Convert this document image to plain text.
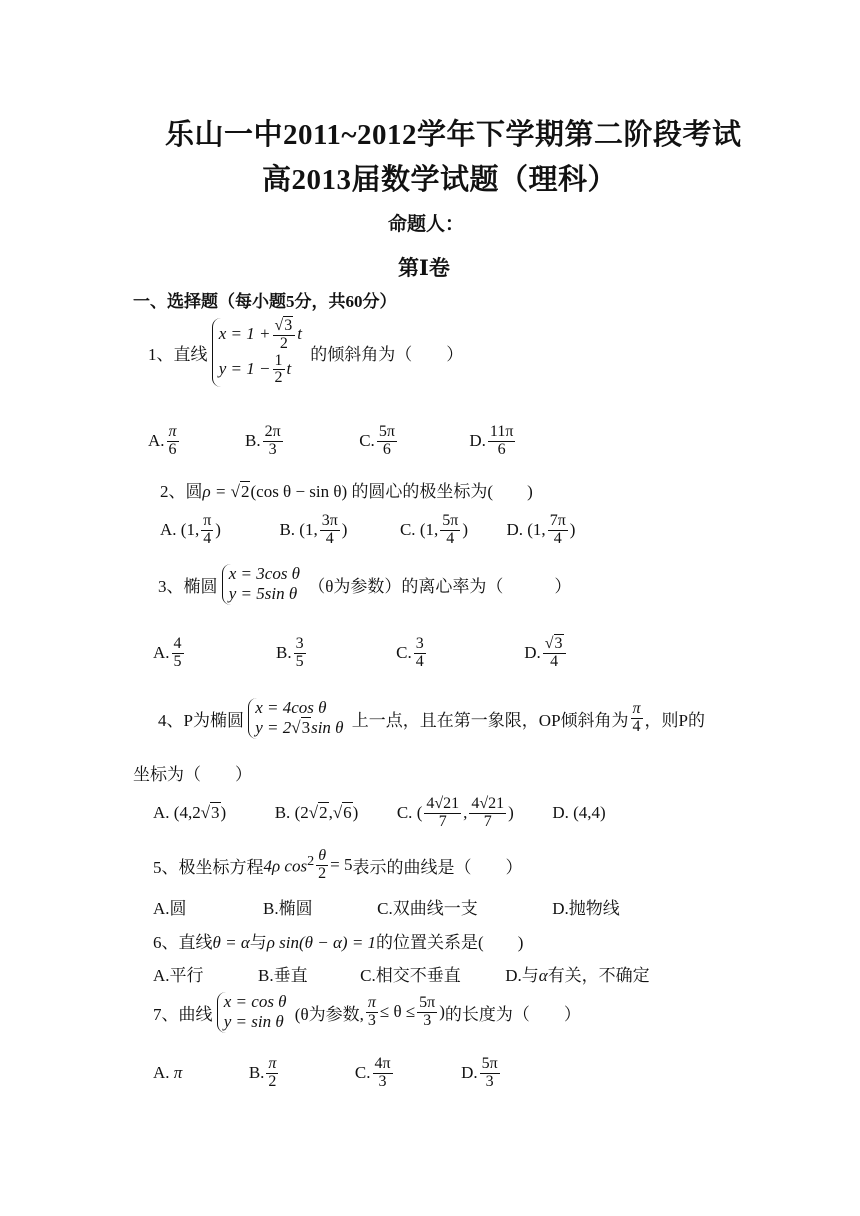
乐山一中2011~2012学年下学期第二阶段考试
高2013届数学试题（理科）
命题人：
第Ⅰ卷
一、选择题（每小题5分，共60分）
1、直线
$x = 1 + \frac{√3}{2}$ t
$y = 1 - \frac{1}{2}$ t
的倾斜角为（　　）
A. $\frac{\pi}{6}$	B. $\frac{2\pi}{3}$	C. $\frac{5\pi}{6}$	D. $\frac{11\pi}{6}$
2、圆ρ = √2(cos θ − sin θ) 的圆心的极坐标为(　　)
A. (1, $\frac{\pi}{4}$ )	B. (1, $\frac{3\pi}{4}$ )	C. (1, $\frac{5\pi}{4}$ ) D. (1, $\frac{7\pi}{4}$ )
3、椭圆
x = 3cos θ
y = 5sin θ （θ为参数）的离心率为（　　　）
A. $\frac{4}{5}$	B. $\frac{3}{5}$	C. $\frac{3}{4}$	D. $\frac{√3}{4}$
4、P为椭圆
x = 4cos θ
y = 2√3sin θ 上一点，且在第一象限，OP倾斜角为 $\frac{\pi}{4}$ ，则P的
坐标为（　　）
A. (4,2√3)	B. (2√2,√6) C. ( $\frac{4√21}{7}$ , $\frac{4√21}{7}$ ) D. (4,4)
5、极坐标方程4ρ $\cos^2 \frac{\theta}{2} = 5$表示的曲线是（　　）
A.圆	B.椭圆	C.双曲线一支	D.抛物线
6、直线θ = α与ρ sin(θ − α) = 1的位置关系是(　　)
A.平行	B.垂直	C.相交不垂直	D.与α有关，不确定
7、曲线
x = cos θ
y = sin θ (θ为参数, $\frac{\pi}{3} \le \theta \le \frac{5\pi}{3}$ )的长度为（　　）
A. π	B. $\frac{\pi}{2}$	C. $\frac{4\pi}{3}$	D. $\frac{5\pi}{3}$
